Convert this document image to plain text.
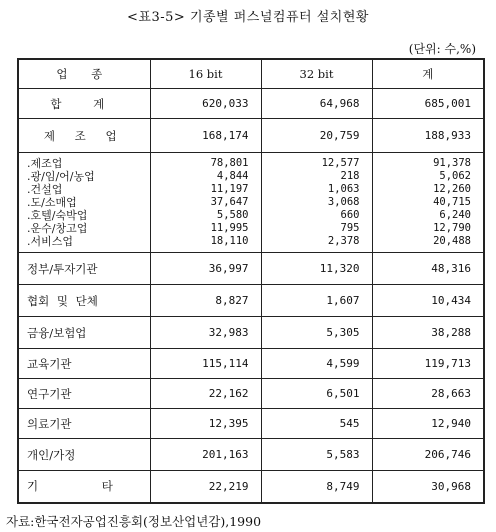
<표3-5> 기종별 퍼스널컴퓨터 설치현황
(단위: 수,%)
업 종	16 bit	32 bit	계
합 계	620,033	64,968	685,001
제 조 업	168,174	20,759	188,933

.제조업	78,801	12,577	91,378
.광/임/어/농업	4,844	218	5,062
.건설업	11,197	1,063	12,260
.도/소매업	37,647	3,068	40,715
.호텔/숙박업	5,580	660	6,240
.운수/창고업	11,995	795	12,790
.서비스업	18,110	2,378	20,488

정부/투자기관	36,997	11,320	48,316
협회 및 단체	8,827	1,607	10,434
금융/보험업	32,983	5,305	38,288
교육기관	115,114	4,599	119,713
연구기관	22,162	6,501	28,663
의료기관	12,395	545	12,940
개인/가정	201,163	5,583	206,746
기 타	22,219	8,749	30,968
자료:한국전자공업진흥회(정보산업년감),1990
